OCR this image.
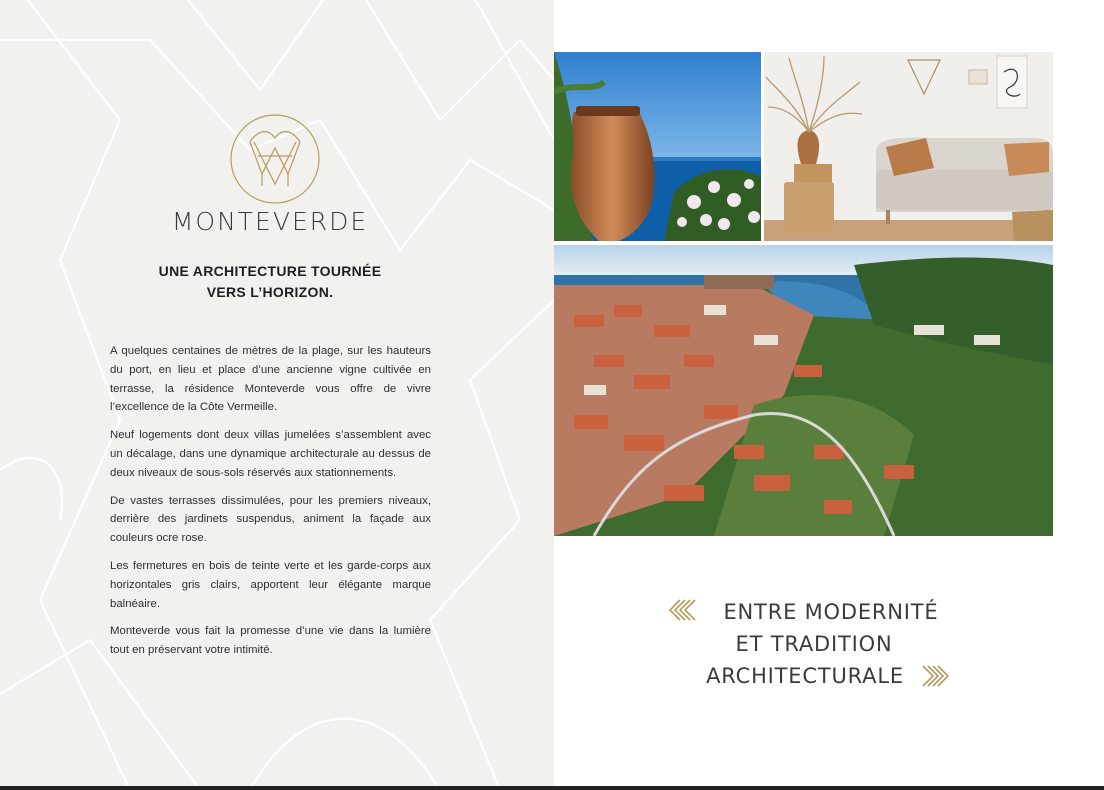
MONTEVERDE
UNE ARCHITECTURE TOURNÉE
VERS L’HORIZON.

A quelques centaines de mètres de la plage, sur les hauteurs du port, en lieu et place d’une ancienne vigne cultivée en terrasse, la résidence Monteverde vous offre de vivre l’excellence de la Côte Vermeille.

Neuf logements dont deux villas jumelées s’assemblent avec un décalage, dans une dynamique architecturale au dessus de deux niveaux de sous-sols réservés aux stationnements.

De vastes terrasses dissimulées, pour les premiers niveaux, derrière des jardinets suspendus, animent la façade aux couleurs ocre rose.

Les fermetures en bois de teinte verte et les garde-corps aux horizontales gris clairs, apportent leur élégante marque balnéaire.

Monteverde vous fait la promesse d’une vie dans la lumière tout en préservant votre intimité.

ENTRE MODERNITÉ
ET TRADITION
ARCHITECTURALE
